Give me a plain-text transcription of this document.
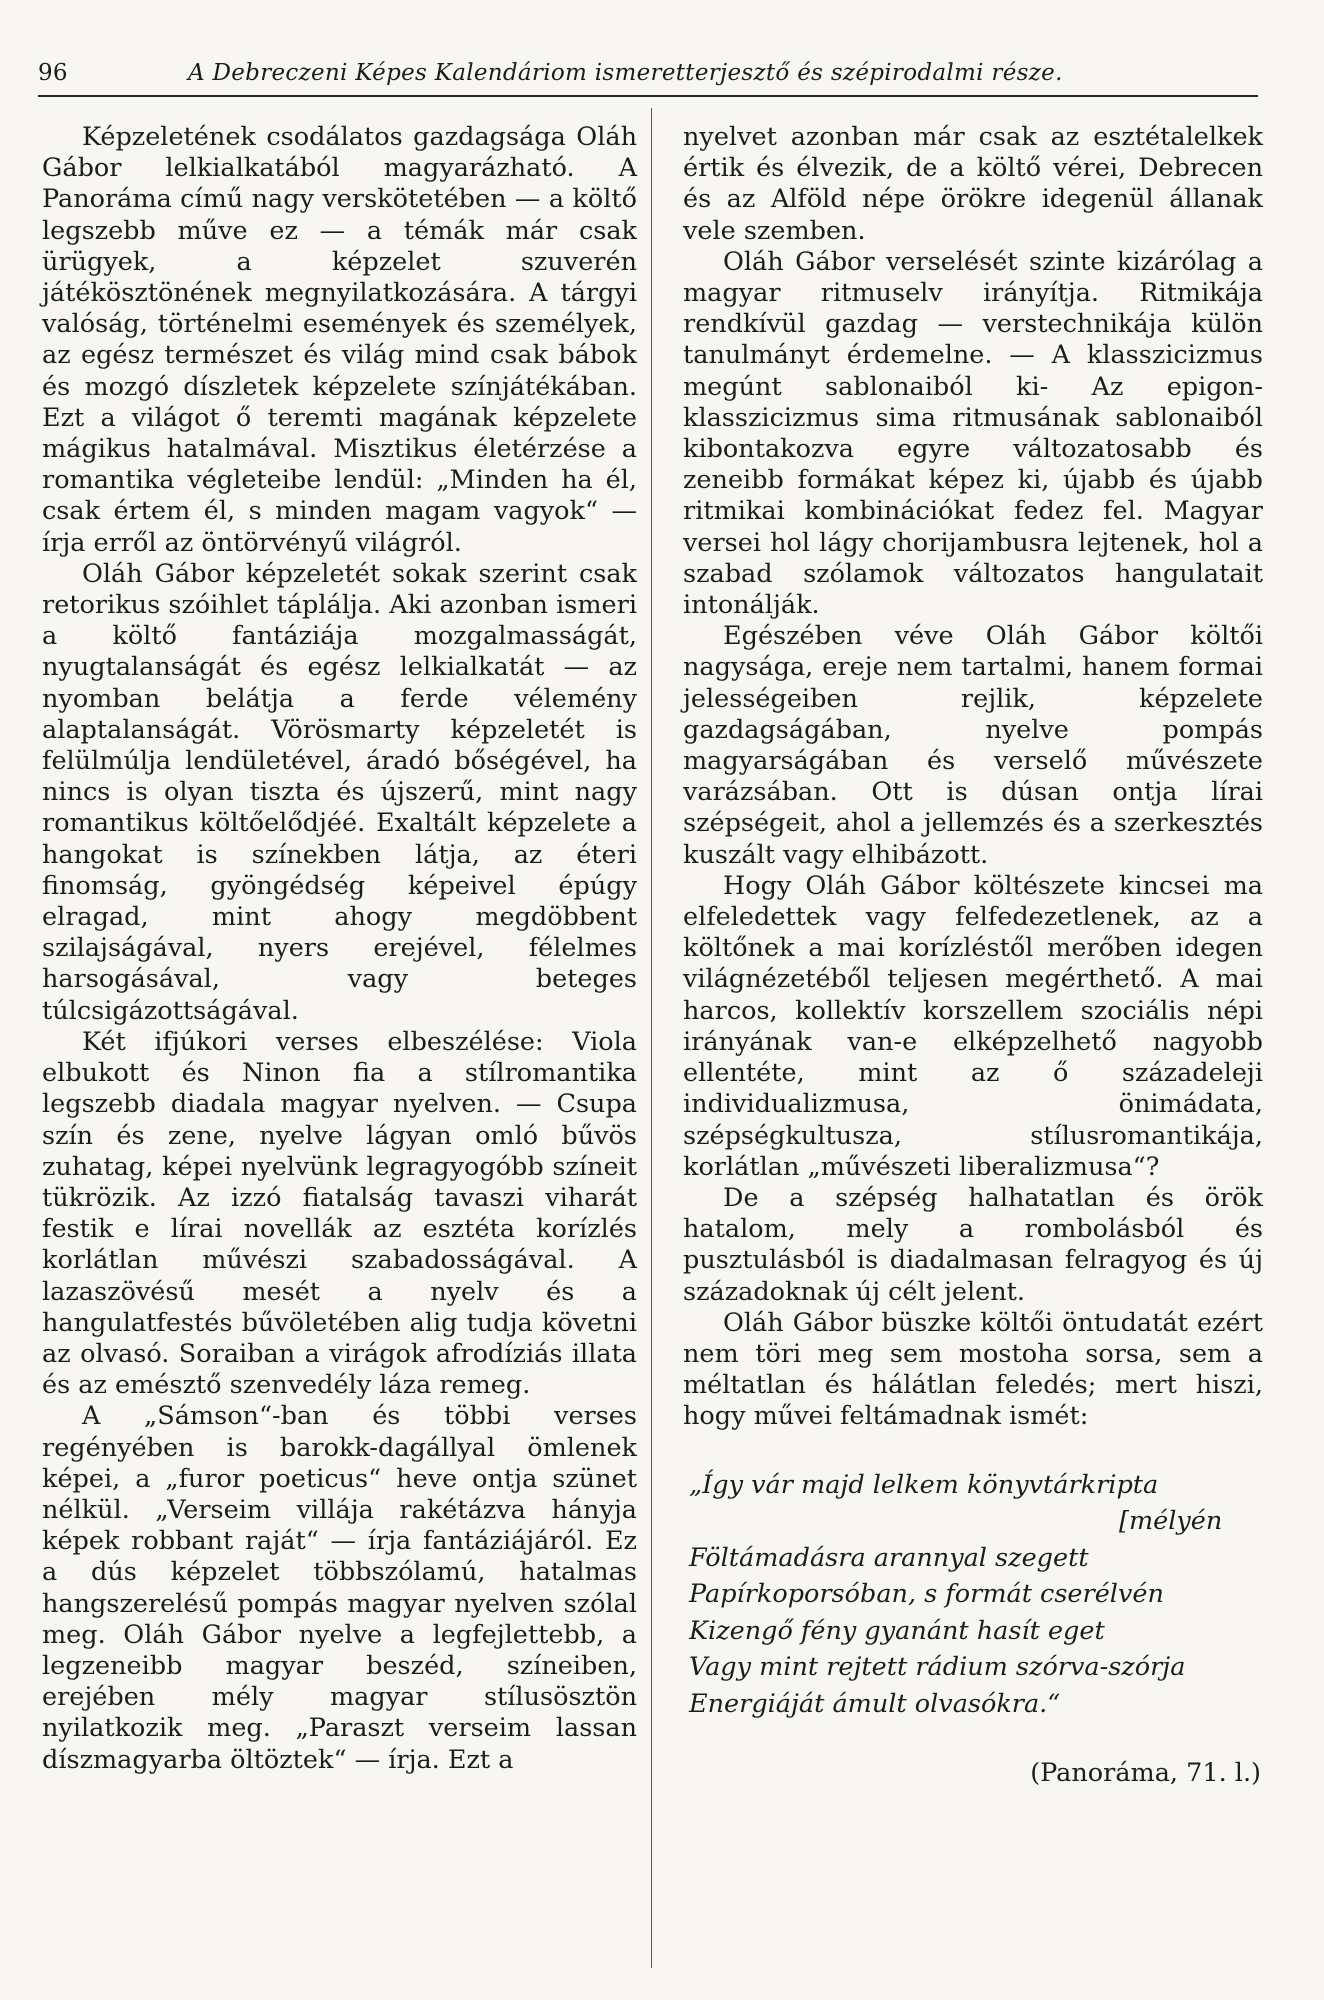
96	A Debreczeni Képes Kalendáriom ismeretterjesztő és szépirodalmi része.

Képzeletének csodálatos gazdagsága Oláh Gábor lelkialkatából magyarázható. A Panoráma című nagy verskötetében — a költő legszebb műve ez — a témák már csak ürügyek, a képzelet szuverén játékösztönének megnyilatkozására. A tárgyi valóság, történelmi események és személyek, az egész természet és világ mind csak bábok és mozgó díszletek képzelete színjátékában. Ezt a világot ő teremti magának képzelete mágikus hatalmával. Misztikus életérzése a romantika végleteibe lendül: „Minden ha él, csak értem él, s minden magam vagyok“ — írja erről az öntörvényű világról.

Oláh Gábor képzeletét sokak szerint csak retorikus szóihlet táplálja. Aki azonban ismeri a költő fantáziája mozgalmasságát, nyugtalanságát és egész lelkialkatát — az nyomban belátja a ferde vélemény alaptalanságát. Vörösmarty képzeletét is felülmúlja lendületével, áradó bőségével, ha nincs is olyan tiszta és újszerű, mint nagy romantikus költőelődjéé. Exaltált képzelete a hangokat is színekben látja, az éteri finomság, gyöngédség képeivel épúgy elragad, mint ahogy megdöbbent szilajságával, nyers erejével, félelmes harsogásával, vagy beteges túlcsigázottságával.

Két ifjúkori verses elbeszélése: Viola elbukott és Ninon fia a stílromantika legszebb diadala magyar nyelven. — Csupa szín és zene, nyelve lágyan omló bűvös zuhatag, képei nyelvünk legragyogóbb színeit tükrözik. Az izzó fiatalság tavaszi viharát festik e lírai novellák az esztéta korízlés korlátlan művészi szabadosságával. A lazaszövésű mesét a nyelv és a hangulatfestés bűvöletében alig tudja követni az olvasó. Soraiban a virágok afrodíziás illata és az emésztő szenvedély láza remeg.

A „Sámson“-ban és többi verses regényében is barokk-dagállyal ömlenek képei, a „furor poeticus“ heve ontja szünet nélkül. „Verseim villája rakétázva hányja képek robbant raját“ — írja fantáziájáról. Ez a dús képzelet többszólamú, hatalmas hangszerelésű pompás magyar nyelven szólal meg. Oláh Gábor nyelve a legfejlettebb, a legzeneibb magyar beszéd, színeiben, erejében mély magyar stílusösztön nyilatkozik meg. „Paraszt verseim lassan díszmagyarba öltöztek“ — írja. Ezt a

nyelvet azonban már csak az esztétalelkek értik és élvezik, de a költő vérei, Debrecen és az Alföld népe örökre idegenül állanak vele szemben.

Oláh Gábor verselését szinte kizárólag a magyar ritmuselv irányítja. Ritmikája rendkívül gazdag — verstechnikája külön tanulmányt érdemelne. — A klasszicizmus megúnt sablonaiból ki- Az epigon-klasszicizmus sima ritmusának sablonaiból kibontakozva egyre változatosabb és zeneibb formákat képez ki, újabb és újabb ritmikai kombinációkat fedez fel. Magyar versei hol lágy chorijambusra lejtenek, hol a szabad szólamok változatos hangulatait intonálják.

Egészében véve Oláh Gábor költői nagysága, ereje nem tartalmi, hanem formai jelességeiben rejlik, képzelete gazdagságában, nyelve pompás magyarságában és verselő művészete varázsában. Ott is dúsan ontja lírai szépségeit, ahol a jellemzés és a szerkesztés kuszált vagy elhibázott.

Hogy Oláh Gábor költészete kincsei ma elfeledettek vagy felfedezetlenek, az a költőnek a mai korízléstől merőben idegen világnézetéből teljesen megérthető. A mai harcos, kollektív korszellem szociális népi irányának van-e elképzelhető nagyobb ellentéte, mint az ő századeleji individualizmusa, önimádata, szépségkultusza, stílusromantikája, korlátlan „művészeti liberalizmusa“?

De a szépség halhatatlan és örök hatalom, mely a rombolásból és pusztulásból is diadalmasan felragyog és új századoknak új célt jelent.

Oláh Gábor büszke költői öntudatát ezért nem töri meg sem mostoha sorsa, sem a méltatlan és hálátlan feledés; mert hiszi, hogy művei feltámadnak ismét:

„Így vár majd lelkem könyvtárkripta
[mélyén
Föltámadásra arannyal szegett
Papírkoporsóban, s formát cserélvén
Kizengő fény gyanánt hasít eget
Vagy mint rejtett rádium szórva-szórja
Energiáját ámult olvasókra.“
(Panoráma, 71. l.)
